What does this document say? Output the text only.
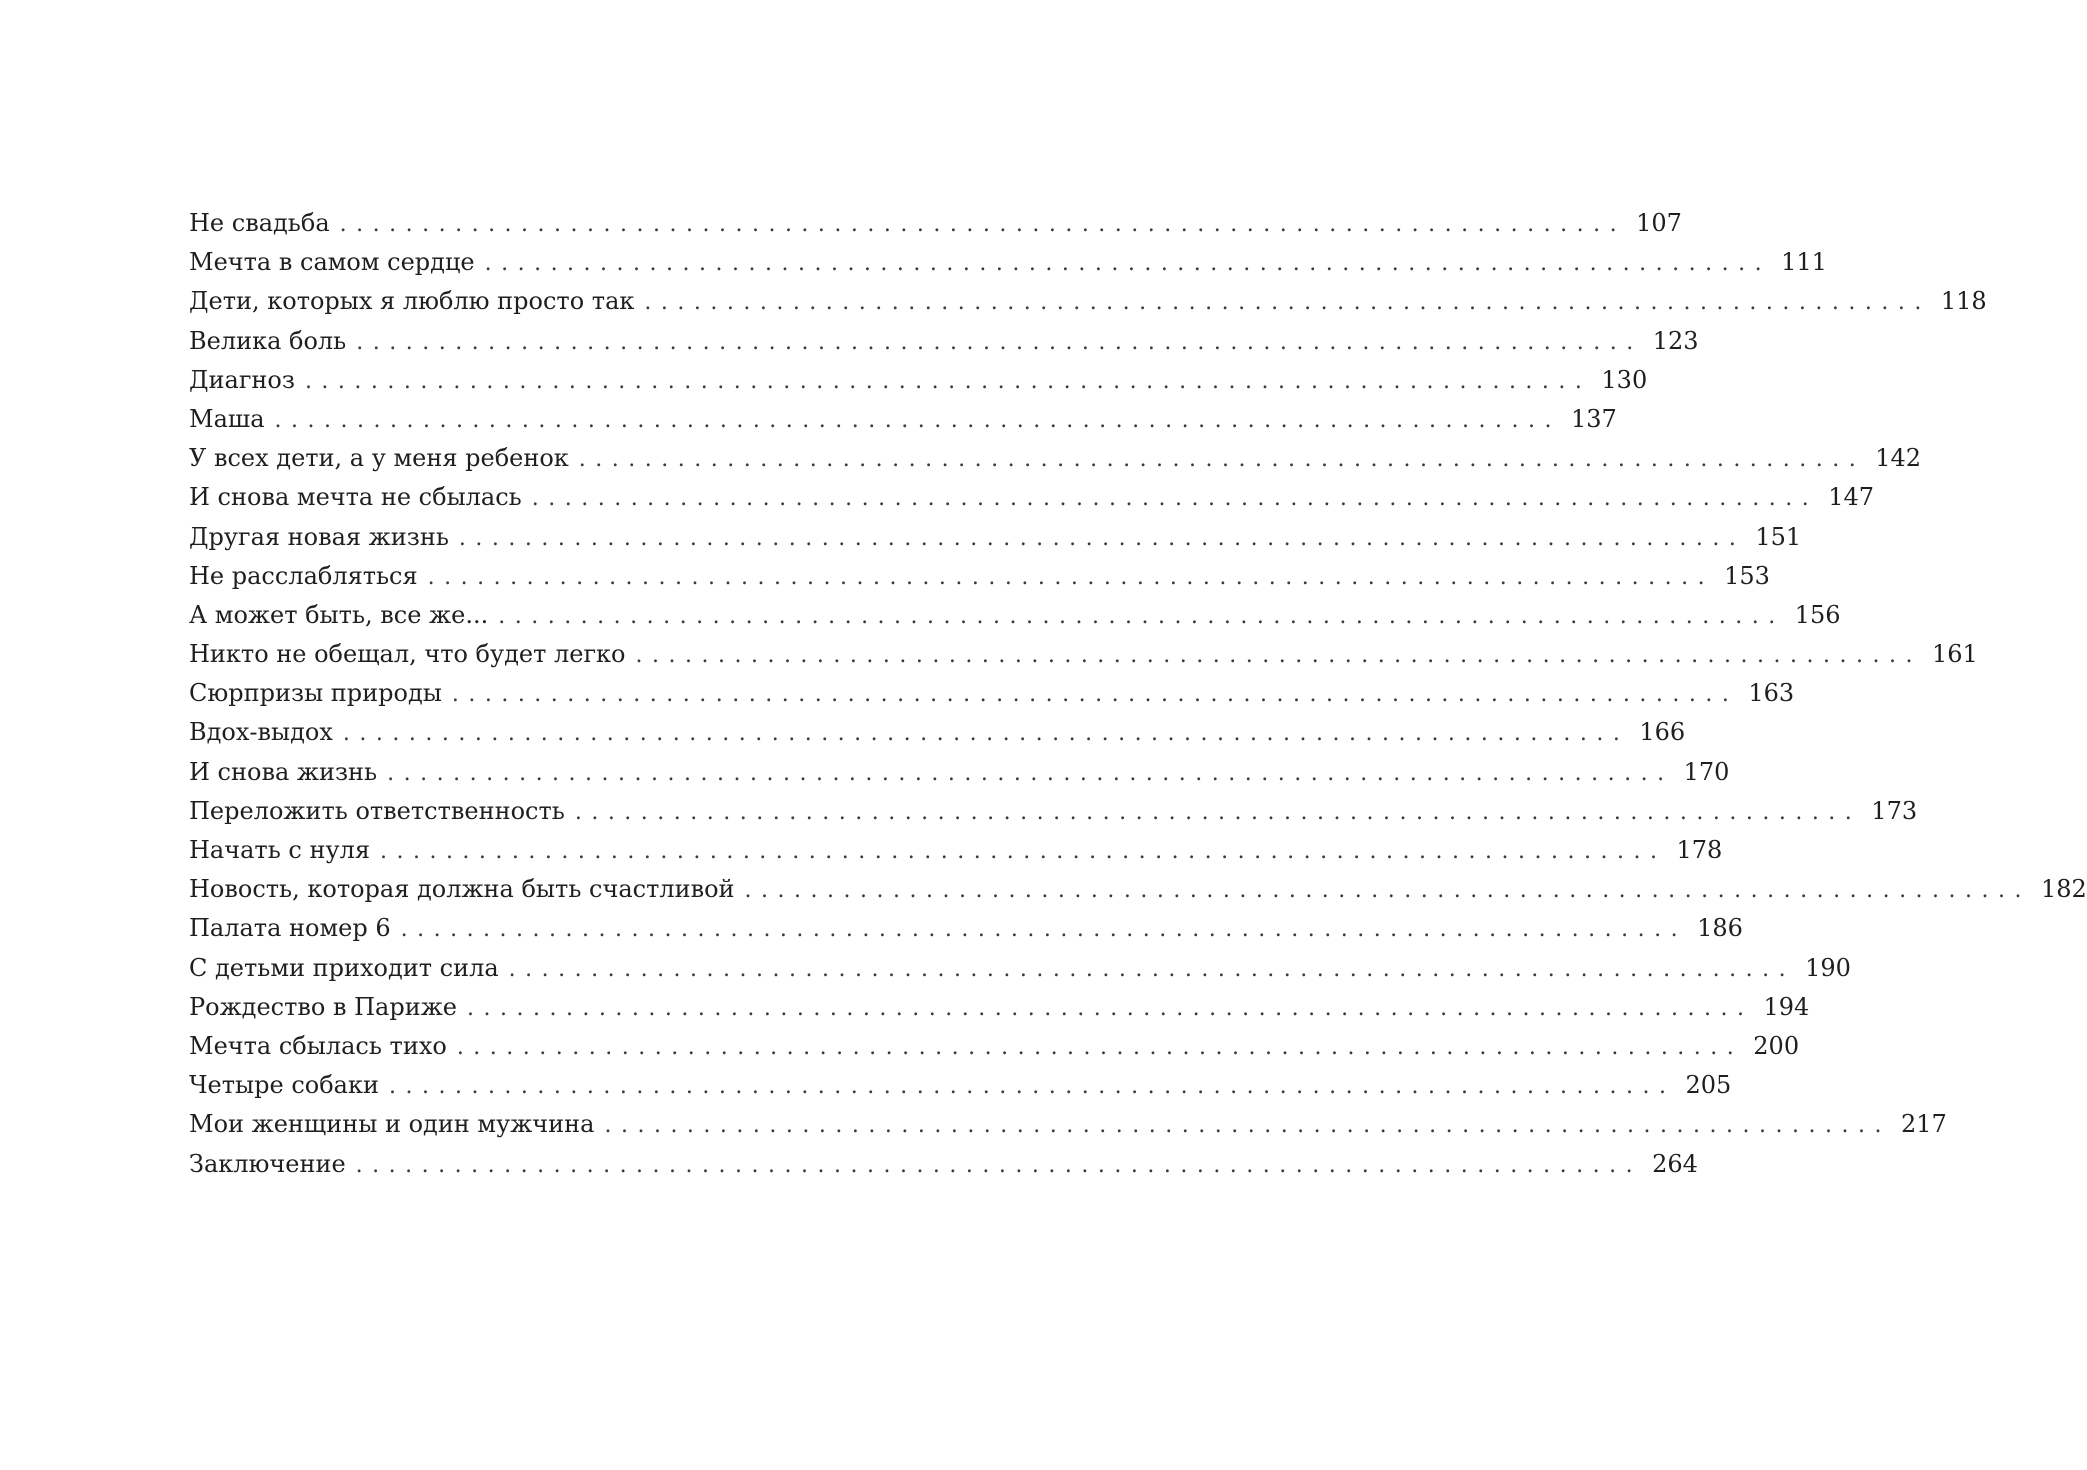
Не свадьба .............................................................................. 107
Мечта в самом сердце .............................................................................. 111
Дети, которых я люблю просто так .............................................................................. 118
Велика боль .............................................................................. 123
Диагноз .............................................................................. 130
Маша .............................................................................. 137
У всех дети, а у меня ребенок .............................................................................. 142
И снова мечта не сбылась .............................................................................. 147
Другая новая жизнь .............................................................................. 151
Не расслабляться .............................................................................. 153
А может быть, все же... .............................................................................. 156
Никто не обещал, что будет легко .............................................................................. 161
Сюрпризы природы .............................................................................. 163
Вдох-выдох .............................................................................. 166
И снова жизнь .............................................................................. 170
Переложить ответственность .............................................................................. 173
Начать с нуля .............................................................................. 178
Новость, которая должна быть счастливой .............................................................................. 182
Палата номер 6 .............................................................................. 186
С детьми приходит сила .............................................................................. 190
Рождество в Париже .............................................................................. 194
Мечта сбылась тихо .............................................................................. 200
Четыре собаки .............................................................................. 205
Мои женщины и один мужчина .............................................................................. 217
Заключение .............................................................................. 264
